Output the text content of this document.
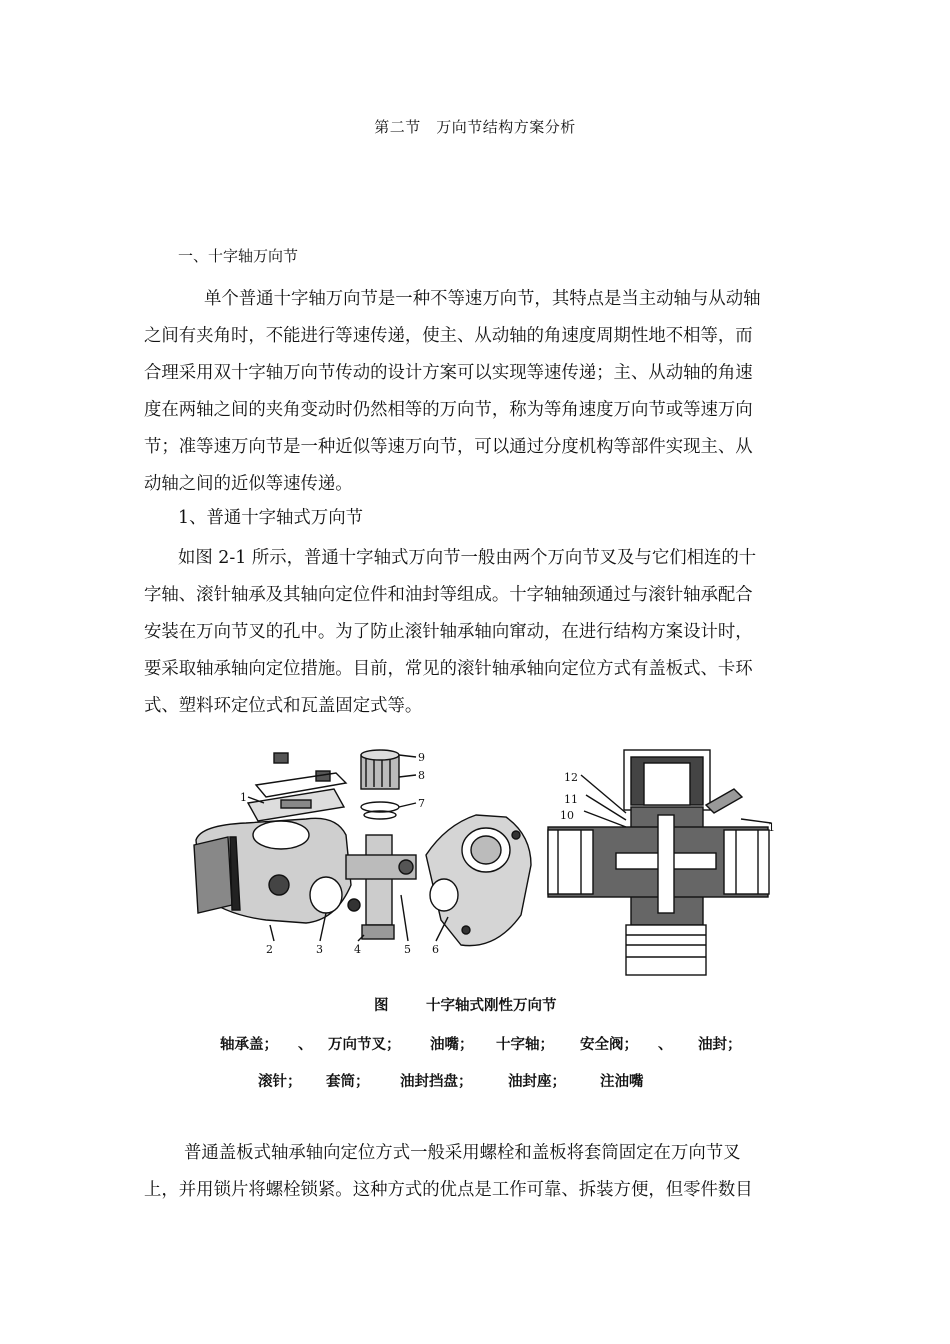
第二节　万向节结构方案分析
一、十字轴万向节
单个普通十字轴万向节是一种不等速万向节，其特点是当主动轴与从动轴
之间有夹角时，不能进行等速传递，使主、从动轴的角速度周期性地不相等，而
合理采用双十字轴万向节传动的设计方案可以实现等速传递；主、从动轴的角速
度在两轴之间的夹角变动时仍然相等的万向节，称为等角速度万向节或等速万向
节；准等速万向节是一种近似等速万向节，可以通过分度机构等部件实现主、从
动轴之间的近似等速传递。
1、普通十字轴式万向节
如图 2-1 所示，普通十字轴式万向节一般由两个万向节叉及与它们相连的十
字轴、滚针轴承及其轴向定位件和油封等组成。十字轴轴颈通过与滚针轴承配合
安装在万向节叉的孔中。为了防止滚针轴承轴向窜动，在进行结构方案设计时，
要采取轴承轴向定位措施。目前，常见的滚针轴承轴向定位方式有盖板式、卡环
式、塑料环定位式和瓦盖固定式等。
9
8
7
1
2	3	4	5 6
12
11
10
1
图	十字轴式刚性万向节
轴承盖； 、 万向节叉； 油嘴； 十字轴； 安全阀； 、 油封；
滚针； 套筒； 油封挡盘； 油封座； 注油嘴
普通盖板式轴承轴向定位方式一般采用螺栓和盖板将套筒固定在万向节叉
上，并用锁片将螺栓锁紧。这种方式的优点是工作可靠、拆装方便，但零件数目
